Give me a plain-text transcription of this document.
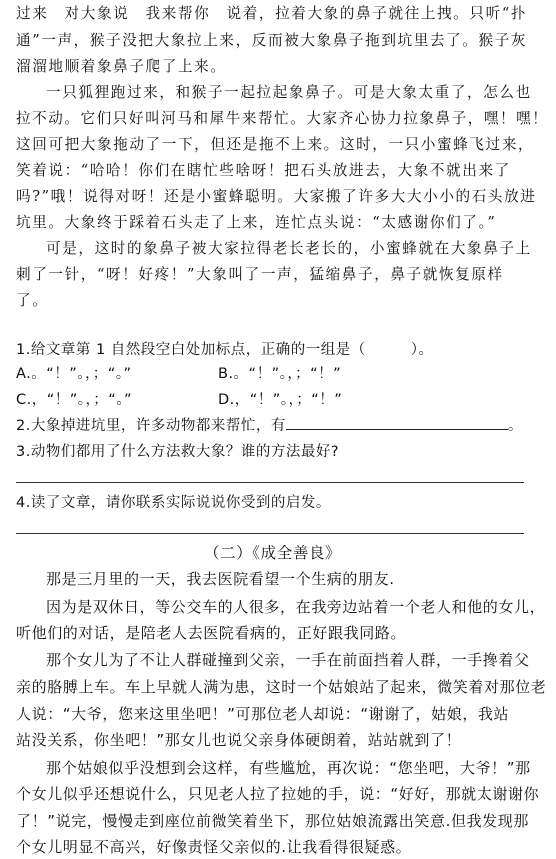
过来　对大象说　我来帮你　说着，拉着大象的鼻子就往上拽。只听“扑
通”一声，猴子没把大象拉上来，反而被大象鼻子拖到坑里去了。猴子灰
溜溜地顺着象鼻子爬了上来。
一只狐狸跑过来，和猴子一起拉起象鼻子。可是大象太重了，怎么也
拉不动。它们只好叫河马和犀牛来帮忙。大家齐心协力拉象鼻子，嘿！嘿！
这回可把大象拖动了一下，但还是拖不上来。这时，一只小蜜蜂飞过来，
笑着说：“哈哈！你们在瞎忙些啥呀！把石头放进去，大象不就出来了
吗?”哦！说得对呀！还是小蜜蜂聪明。大家搬了许多大大小小的石头放进
坑里。大象终于踩着石头走了上来，连忙点头说：“太感谢你们了。”
可是，这时的象鼻子被大家拉得老长老长的，小蜜蜂就在大象鼻子上
刺了一针，“呀！好疼！”大象叫了一声，猛缩鼻子，鼻子就恢复原样
了。
1.给文章第 1 自然段空白处加标点，正确的一组是（　　　）。
A.。“！”。，；“。”	B.。“！”。，；“！”
C.，“！”。，；“。”	D.，“！”。，；“！”
2.大象掉进坑里，许多动物都来帮忙，有	。
3.动物们都用了什么方法救大象？谁的方法最好?
4.读了文章，请你联系实际说说你受到的启发。
（二）《成全善良》
那是三月里的一天，我去医院看望一个生病的朋友.
因为是双休日，等公交车的人很多，在我旁边站着一个老人和他的女儿，
听他们的对话，是陪老人去医院看病的，正好跟我同路。
那个女儿为了不让人群碰撞到父亲，一手在前面挡着人群，一手搀着父
亲的胳膊上车。车上早就人满为患，这时一个姑娘站了起来，微笑着对那位老
人说：“大爷，您来这里坐吧！”可那位老人却说：“谢谢了，姑娘，我站
站没关系，你坐吧！”那女儿也说父亲身体硬朗着，站站就到了！
那个姑娘似乎没想到会这样，有些尴尬，再次说：“您坐吧，大爷！”那
个女儿似乎还想说什么，只见老人拉了拉她的手，说：“好好，那就太谢谢你
了！”说完，慢慢走到座位前微笑着坐下，那位姑娘流露出笑意.但我发现那
个女儿明显不高兴，好像责怪父亲似的.让我看得很疑惑。
